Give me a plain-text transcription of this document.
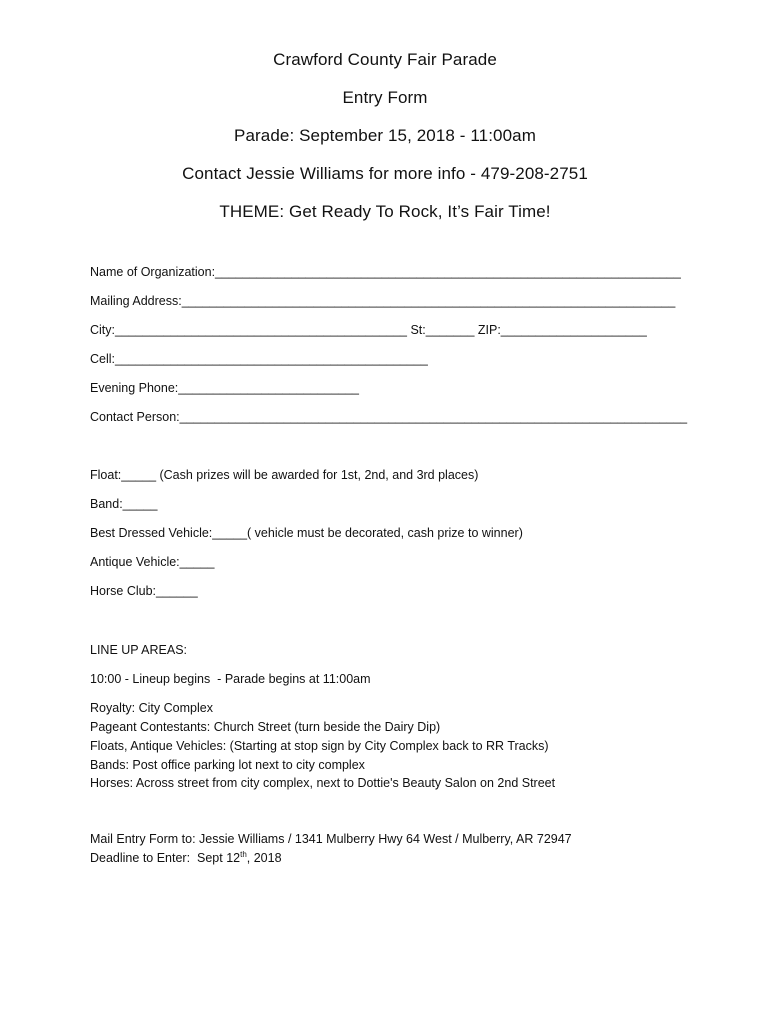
Crawford County Fair Parade
Entry Form
Parade: September 15, 2018 - 11:00am
Contact Jessie Williams for more info - 479-208-2751
THEME: Get Ready To Rock, It’s Fair Time!
Name of Organization:___________________________________________________________________
Mailing Address:_______________________________________________________________________
City:__________________________________________ St:_______ ZIP:_____________________
Cell:_____________________________________________
Evening Phone:__________________________
Contact Person:_________________________________________________________________________
Float:_____ (Cash prizes will be awarded for 1st, 2nd, and 3rd places)
Band:_____
Best Dressed Vehicle:_____( vehicle must be decorated, cash prize to winner)
Antique Vehicle:_____
Horse Club:______
LINE UP AREAS:
10:00 - Lineup begins  - Parade begins at 11:00am
Royalty: City Complex
Pageant Contestants: Church Street (turn beside the Dairy Dip)
Floats, Antique Vehicles: (Starting at stop sign by City Complex back to RR Tracks)
Bands: Post office parking lot next to city complex
Horses: Across street from city complex, next to Dottie's Beauty Salon on 2nd Street
Mail Entry Form to: Jessie Williams / 1341 Mulberry Hwy 64 West / Mulberry, AR 72947
Deadline to Enter:  Sept 12th, 2018
